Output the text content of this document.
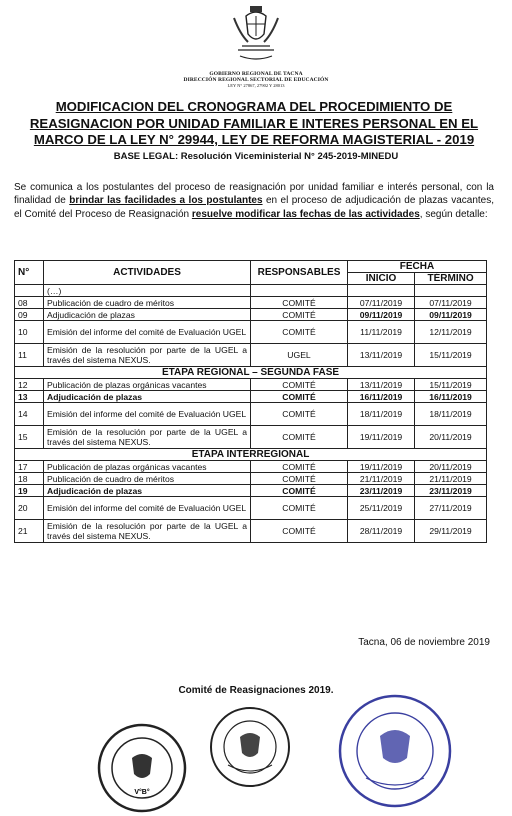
GOBIERNO REGIONAL DE TACNA
DIRECCIÓN REGIONAL SECTORIAL DE EDUCACIÓN
LEY N° 27867, 27902 Y 28013
MODIFICACION DEL CRONOGRAMA DEL PROCEDIMIENTO DE REASIGNACION POR UNIDAD FAMILIAR E INTERES PERSONAL EN EL MARCO DE LA LEY N° 29944, LEY DE REFORMA MAGISTERIAL - 2019
BASE LEGAL: Resolución Viceministerial N° 245-2019-MINEDU
Se comunica a los postulantes del proceso de reasignación por unidad familiar e interés personal, con la finalidad de brindar las facilidades a los postulantes en el proceso de adjudicación de plazas vacantes, el Comité del Proceso de Reasignación resuelve modificar las fechas de las actividades, según detalle:
N°	ACTIVIDADES	RESPONSABLES	FECHA	
			INICIO	TÉRMINO
	(…)			
08	Publicación de cuadro de méritos	COMITÉ	07/11/2019	07/11/2019
09	Adjudicación de plazas	COMITÉ	09/11/2019	09/11/2019
10	Emisión del informe del comité de Evaluación UGEL	COMITÉ	11/11/2019	12/11/2019
11	Emisión de la resolución por parte de la UGEL a través del sistema NEXUS.	UGEL	13/11/2019	15/11/2019
ETAPA REGIONAL – SEGUNDA FASE				
12	Publicación de plazas orgánicas vacantes	COMITÉ	13/11/2019	15/11/2019
13	Adjudicación de plazas	COMITÉ	16/11/2019	16/11/2019
14	Emisión del informe del comité de Evaluación UGEL	COMITÉ	18/11/2019	18/11/2019
15	Emisión de la resolución por parte de la UGEL a través del sistema NEXUS.	COMITÉ	19/11/2019	20/11/2019
ETAPA INTERREGIONAL				
17	Publicación de plazas orgánicas vacantes	COMITÉ	19/11/2019	20/11/2019
18	Publicación de cuadro de méritos	COMITÉ	21/11/2019	21/11/2019
19	Adjudicación de plazas	COMITÉ	23/11/2019	23/11/2019
20	Emisión del informe del comité de Evaluación UGEL	COMITÉ	25/11/2019	27/11/2019
21	Emisión de la resolución por parte de la UGEL a través del sistema NEXUS.	COMITÉ	28/11/2019	29/11/2019
Tacna, 06 de noviembre 2019
Comité de Reasignaciones 2019.
V°B°
